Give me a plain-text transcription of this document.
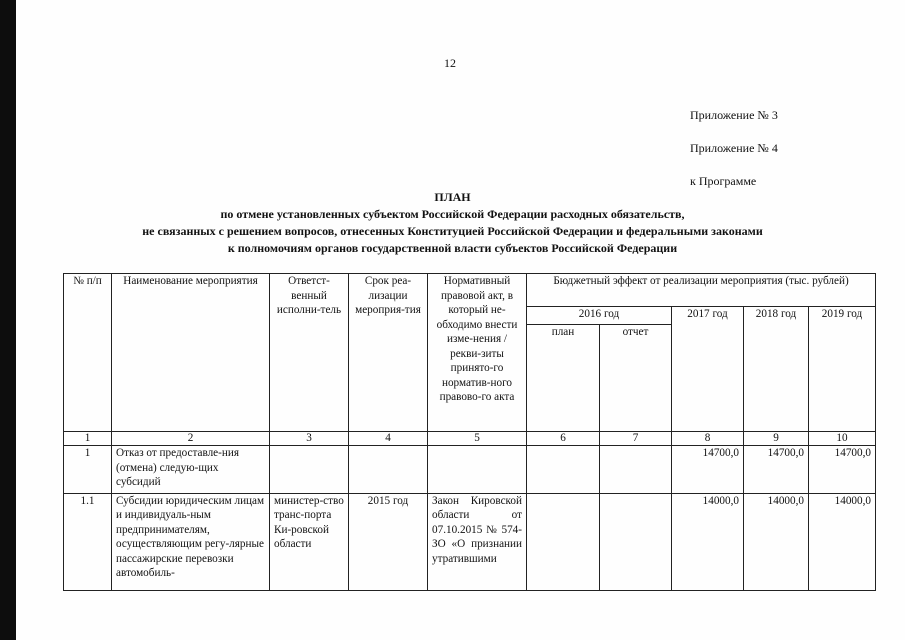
12
Приложение № 3
Приложение № 4
к Программе
ПЛАН
по отмене установленных субъектом Российской Федерации расходных обязательств,
не связанных с решением вопросов, отнесенных Конституцией Российской Федерации и федеральными законами
к полномочиям органов государственной власти субъектов Российской Федерации
№ п/п	Наименование мероприятия	Ответст-венный исполни-тель	Срок реа-лизации мероприя-тия	Нормативный правовой акт, в который не-обходимо внести изме-нения / рекви-зиты принято-го норматив-ного правово-го акта	Бюджетный эффект от реализации мероприятия (тыс. рублей)				
					2016 год		2017 год	2018 год	2019 год
					план	отчет			
1	2	3	4	5	6	7	8	9	10
1	Отказ от предоставле-ния (отмена) следую-щих субсидий						14700,0	14700,0	14700,0
1.1	Субсидии юридическим лицам и индивидуаль-ным предпринимателям, осуществляющим регу-лярные пассажирские перевозки автомобиль-	министер-ство транс-порта Ки-ровской области	2015 год	Закон Кировской области от 07.10.2015 № 574-ЗО «О признании утратившими			14000,0	14000,0	14000,0
